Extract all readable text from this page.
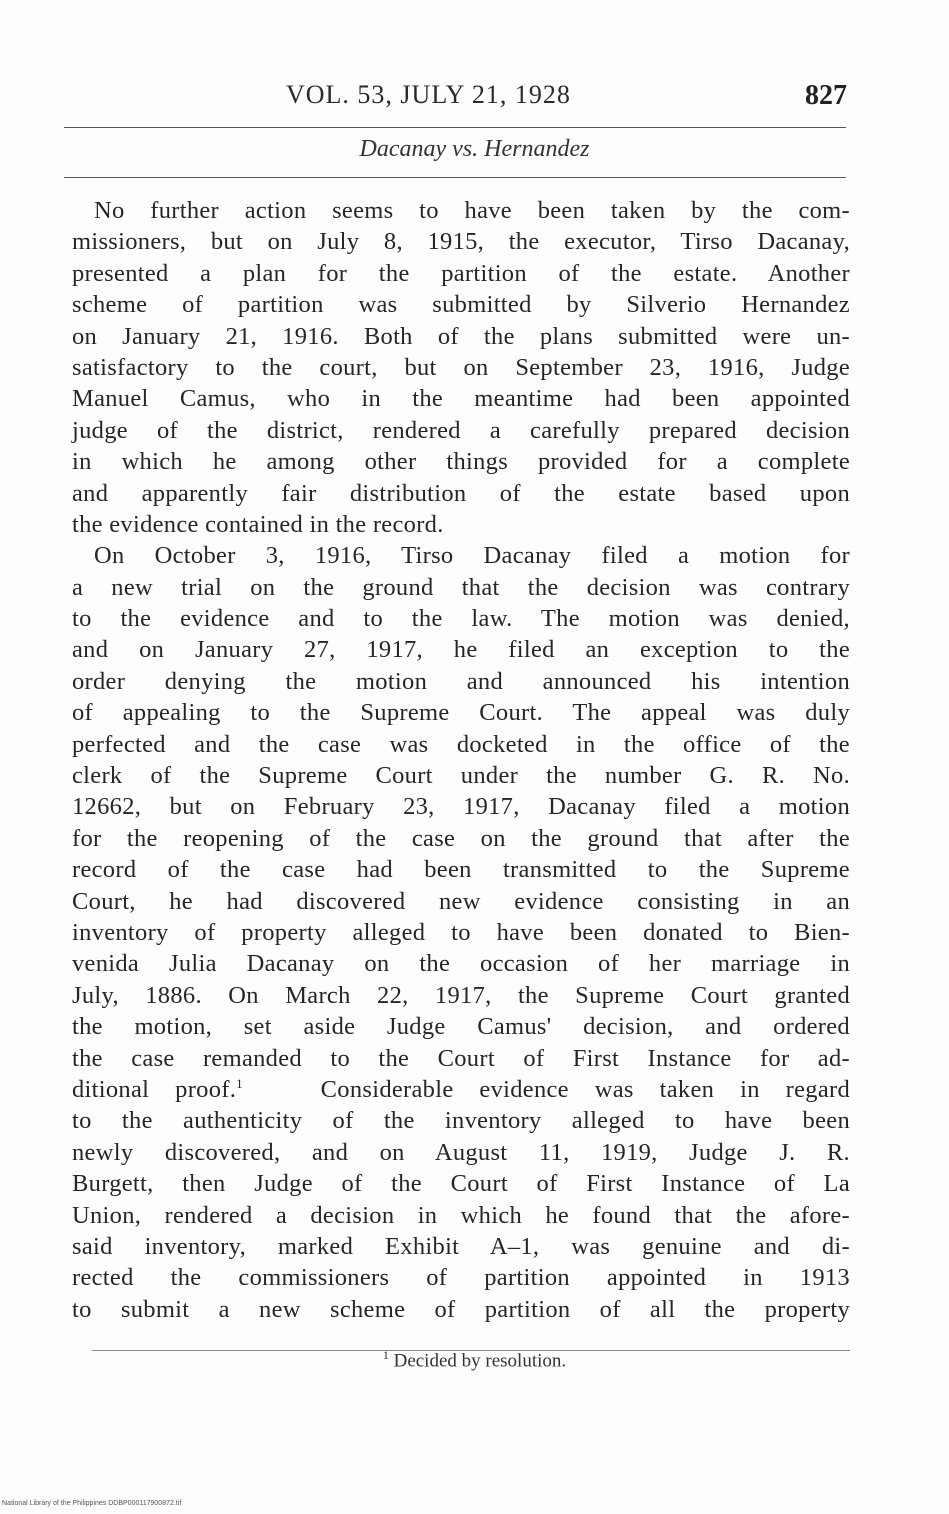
VOL. 53, JULY 21, 1928	827
Dacanay vs. Hernandez
No further action seems to have been taken by the com-
missioners, but on July 8, 1915, the executor, Tirso Dacanay,
presented a plan for the partition of the estate. Another
scheme of partition was submitted by Silverio Hernandez
on January 21, 1916. Both of the plans submitted were un-
satisfactory to the court, but on September 23, 1916, Judge
Manuel Camus, who in the meantime had been appointed
judge of the district, rendered a carefully prepared decision
in which he among other things provided for a complete
and apparently fair distribution of the estate based upon
the evidence contained in the record.
On October 3, 1916, Tirso Dacanay filed a motion for
a new trial on the ground that the decision was contrary
to the evidence and to the law. The motion was denied,
and on January 27, 1917, he filed an exception to the
order denying the motion and announced his intention
of appealing to the Supreme Court. The appeal was duly
perfected and the case was docketed in the office of the
clerk of the Supreme Court under the number G. R. No.
12662, but on February 23, 1917, Dacanay filed a motion
for the reopening of the case on the ground that after the
record of the case had been transmitted to the Supreme
Court, he had discovered new evidence consisting in an
inventory of property alleged to have been donated to Bien-
venida Julia Dacanay on the occasion of her marriage in
July, 1886. On March 22, 1917, the Supreme Court granted
the motion, set aside Judge Camus' decision, and ordered
the case remanded to the Court of First Instance for ad-
ditional proof.$^1$	Considerable evidence was taken in regard
to the authenticity of the inventory alleged to have been
newly discovered, and on August 11, 1919, Judge J. R.
Burgett, then Judge of the Court of First Instance of La
Union, rendered a decision in which he found that the afore-
said inventory, marked Exhibit A–1, was genuine and di-
rected the commissioners of partition appointed in 1913
to submit a new scheme of partition of all the property
$^1$ Decided by resolution.
National Library of the Philippines DDBP000117900872.tif
